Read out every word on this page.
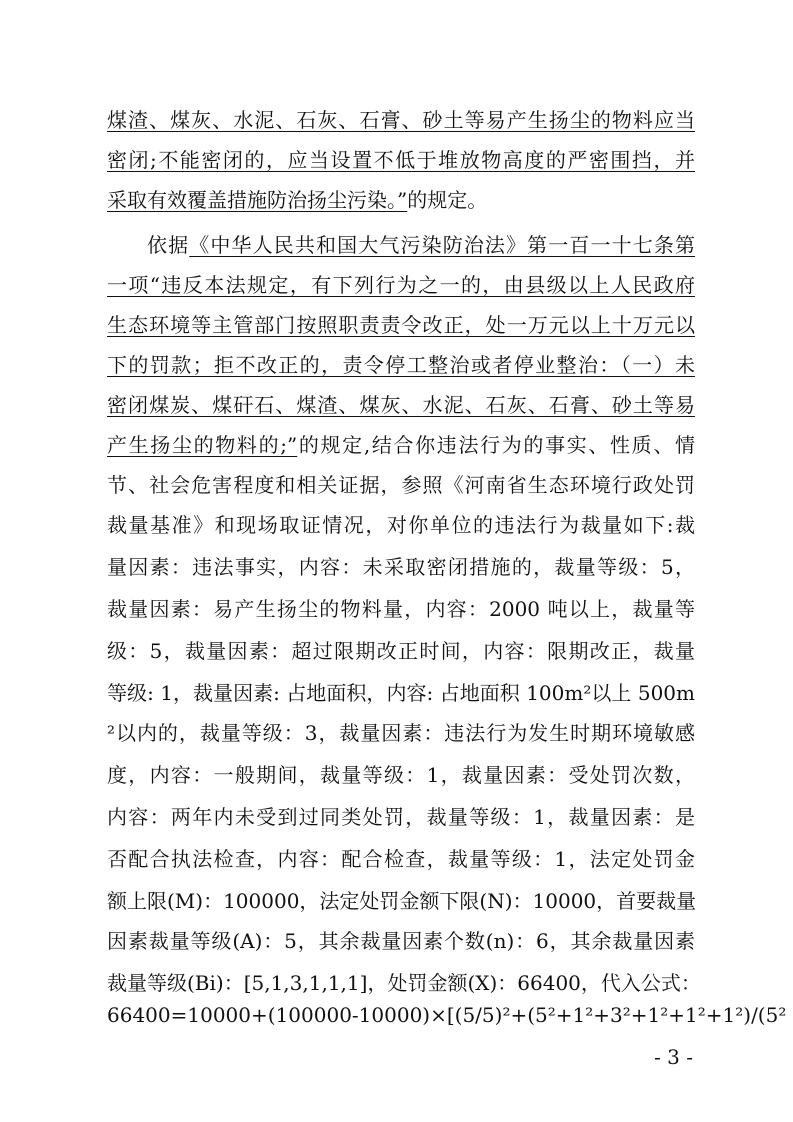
煤渣、煤灰、水泥、石灰、石膏、砂土等易产生扬尘的物料应当
密闭;不能密闭的，应当设置不低于堆放物高度的严密围挡，并
采取有效覆盖措施防治扬尘污染。”的规定。
依据《中华人民共和国大气污染防治法》第一百一十七条第
一项“违反本法规定，有下列行为之一的，由县级以上人民政府
生态环境等主管部门按照职责责令改正，处一万元以上十万元以
下的罚款；拒不改正的，责令停工整治或者停业整治：（一）未
密闭煤炭、煤矸石、煤渣、煤灰、水泥、石灰、石膏、砂土等易
产生扬尘的物料的;”的规定,结合你违法行为的事实、性质、情
节、社会危害程度和相关证据，参照《河南省生态环境行政处罚
裁量基准》和现场取证情况，对你单位的违法行为裁量如下:裁
量因素：违法事实，内容：未采取密闭措施的，裁量等级：5，
裁量因素：易产生扬尘的物料量，内容：2000 吨以上，裁量等
级：5，裁量因素：超过限期改正时间，内容：限期改正，裁量
等级: 1，裁量因素: 占地面积，内容: 占地面积 100m²以上 500m
²以内的，裁量等级：3，裁量因素：违法行为发生时期环境敏感
度，内容：一般期间，裁量等级：1，裁量因素：受处罚次数，
内容：两年内未受到过同类处罚，裁量等级：1，裁量因素：是
否配合执法检查，内容：配合检查，裁量等级：1，法定处罚金
额上限(M)：100000，法定处罚金额下限(N)：10000，首要裁量
因素裁量等级(A)：5，其余裁量因素个数(n)：6，其余裁量因素
裁量等级(Bi)：[5,1,3,1,1,1]，处罚金额(X)：66400，代入公式：
66400=10000+(100000-10000)×[(5/5)²+(5²+1²+3²+1²+1²+1²)/(5²
- 3 -
